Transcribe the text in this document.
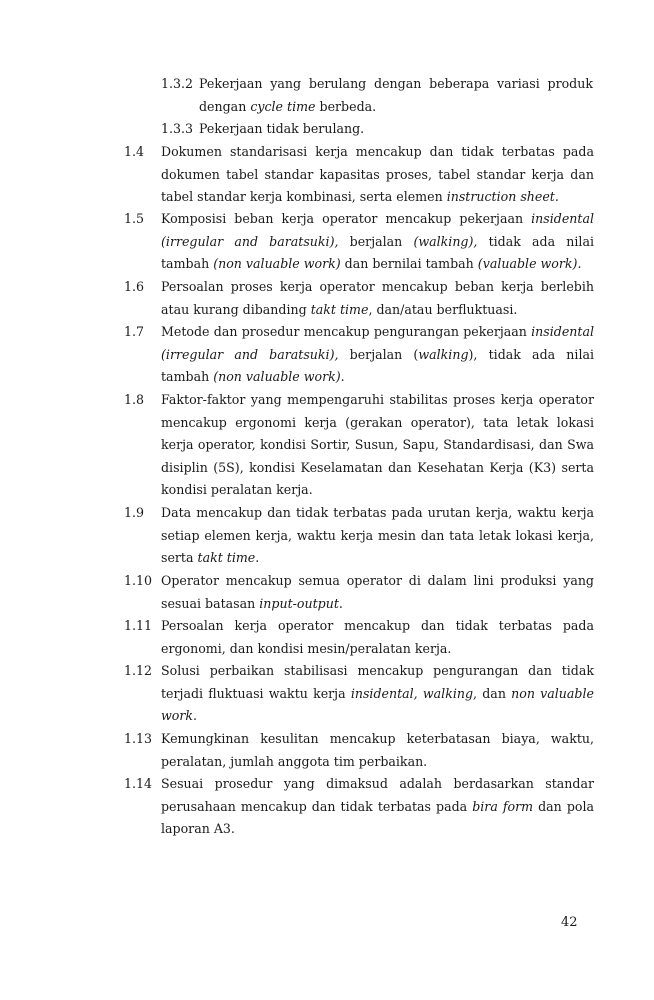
1.3.2 Pekerjaan yang berulang dengan beberapa variasi produk dengan cycle time berbeda.
1.3.3 Pekerjaan tidak berulang.
1.4 Dokumen standarisasi kerja mencakup dan tidak terbatas pada dokumen tabel standar kapasitas proses, tabel standar kerja dan tabel standar kerja kombinasi, serta elemen instruction sheet.
1.5 Komposisi beban kerja operator mencakup pekerjaan insidental (irregular and baratsuki), berjalan (walking), tidak ada nilai tambah (non valuable work) dan bernilai tambah (valuable work).
1.6 Persoalan proses kerja operator mencakup beban kerja berlebih atau kurang dibanding takt time, dan/atau berfluktuasi.
1.7 Metode dan prosedur mencakup pengurangan pekerjaan insidental (irregular and baratsuki), berjalan (walking), tidak ada nilai tambah (non valuable work).
1.8 Faktor-faktor yang mempengaruhi stabilitas proses kerja operator mencakup ergonomi kerja (gerakan operator), tata letak lokasi kerja operator, kondisi Sortir, Susun, Sapu, Standardisasi, dan Swa disiplin (5S), kondisi Keselamatan dan Kesehatan Kerja (K3) serta kondisi peralatan kerja.
1.9 Data mencakup dan tidak terbatas pada urutan kerja, waktu kerja setiap elemen kerja, waktu kerja mesin dan tata letak lokasi kerja, serta takt time.
1.10 Operator mencakup semua operator di dalam lini produksi yang sesuai batasan input-output.
1.11 Persoalan kerja operator mencakup dan tidak terbatas pada ergonomi, dan kondisi mesin/peralatan kerja.
1.12 Solusi perbaikan stabilisasi mencakup pengurangan dan tidak terjadi fluktuasi waktu kerja insidental, walking, dan non valuable work.
1.13 Kemungkinan kesulitan mencakup keterbatasan biaya, waktu, peralatan, jumlah anggota tim perbaikan.
1.14 Sesuai prosedur yang dimaksud adalah berdasarkan standar perusahaan mencakup dan tidak terbatas pada bira form dan pola laporan A3.
42
